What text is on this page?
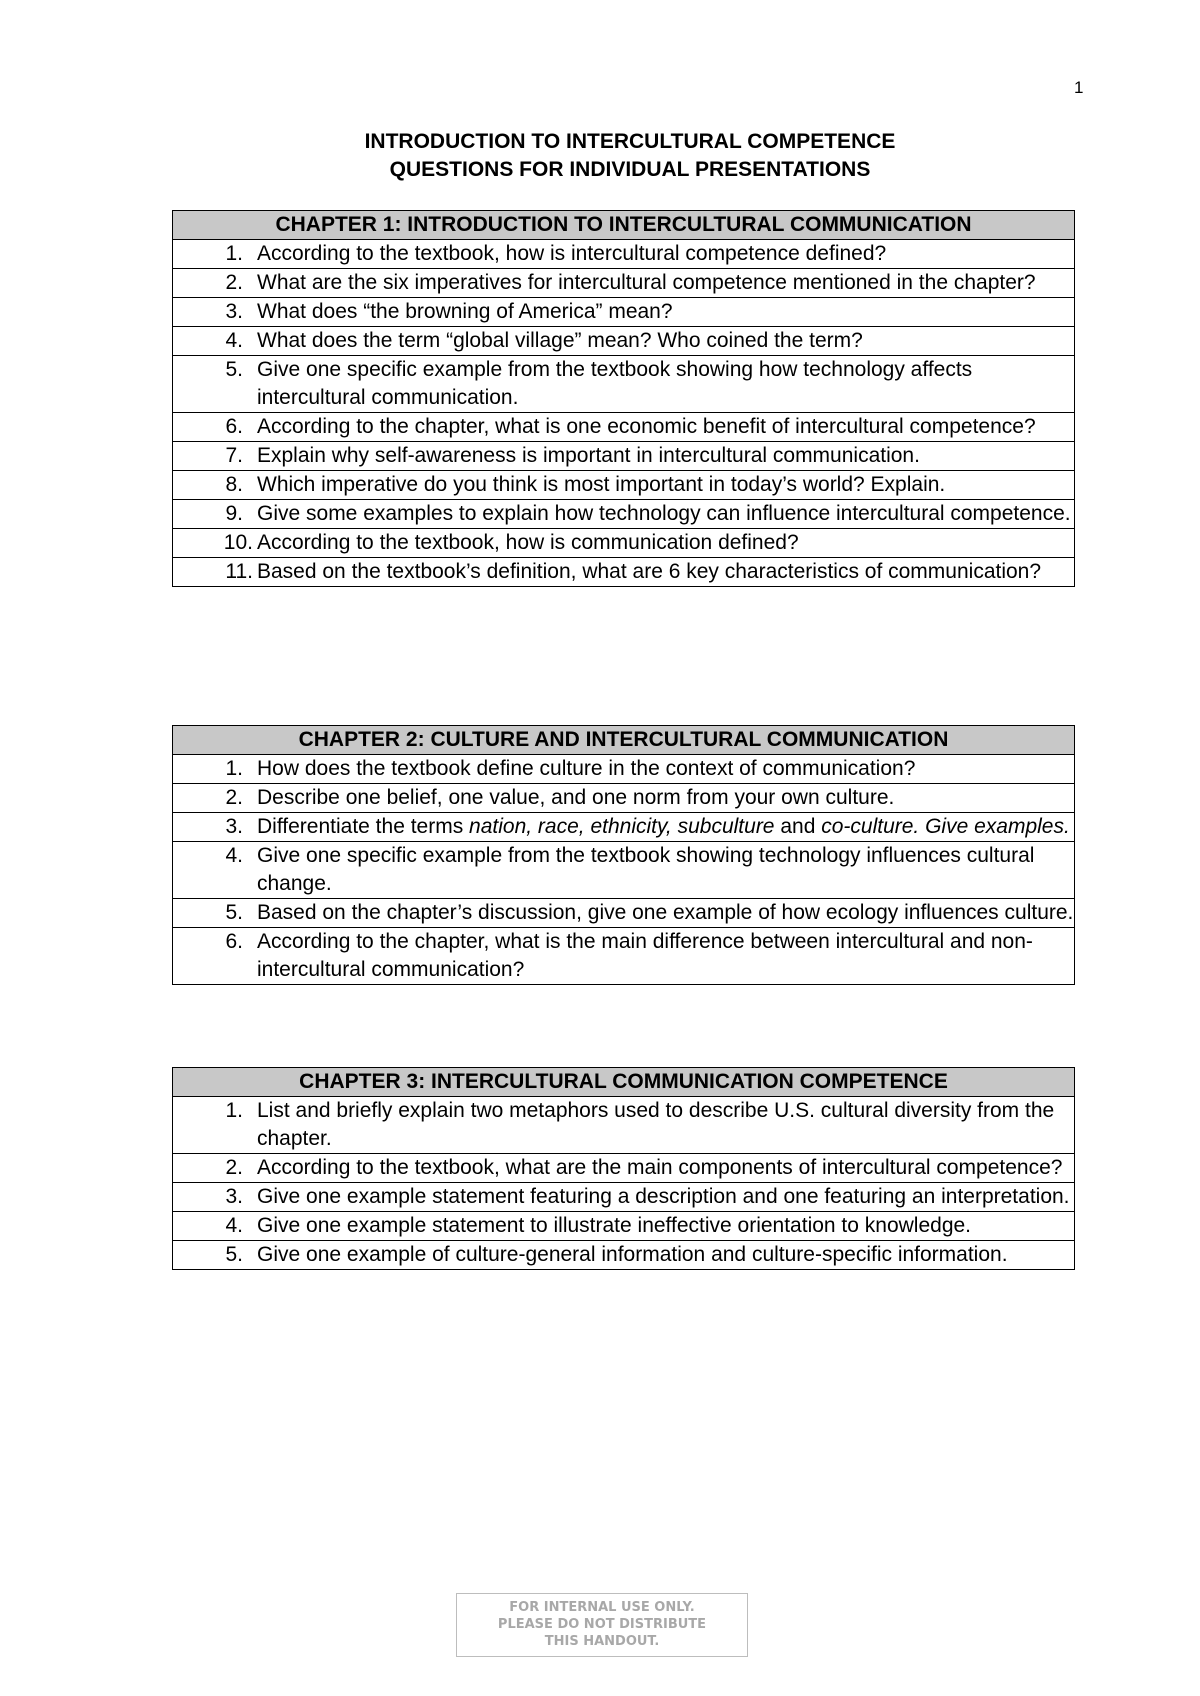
1
INTRODUCTION TO INTERCULTURAL COMPETENCE
QUESTIONS FOR INDIVIDUAL PRESENTATIONS
CHAPTER 1: INTRODUCTION TO INTERCULTURAL COMMUNICATION

1. According to the textbook, how is intercultural competence defined?

2. What are the six imperatives for intercultural competence mentioned in the chapter?

3. What does “the browning of America” mean?

4. What does the term “global village” mean? Who coined the term?

5. Give one specific example from the textbook showing how technology affects intercultural communication.

6. According to the chapter, what is one economic benefit of intercultural competence?

7. Explain why self-awareness is important in intercultural communication.

8. Which imperative do you think is most important in today’s world? Explain.

9. Give some examples to explain how technology can influence intercultural competence.

10. According to the textbook, how is communication defined?

11. Based on the textbook’s definition, what are 6 key characteristics of communication?
CHAPTER 2: CULTURE AND INTERCULTURAL COMMUNICATION

1. How does the textbook define culture in the context of communication?

2. Describe one belief, one value, and one norm from your own culture.

3. Differentiate the terms nation, race, ethnicity, subculture and co-culture. Give examples.

4. Give one specific example from the textbook showing technology influences cultural change.

5. Based on the chapter’s discussion, give one example of how ecology influences culture.

6. According to the chapter, what is the main difference between intercultural and non-intercultural communication?
CHAPTER 3: INTERCULTURAL COMMUNICATION COMPETENCE

1. List and briefly explain two metaphors used to describe U.S. cultural diversity from the chapter.

2. According to the textbook, what are the main components of intercultural competence?

3. Give one example statement featuring a description and one featuring an interpretation.

4. Give one example statement to illustrate ineffective orientation to knowledge.

5. Give one example of culture-general information and culture-specific information.
FOR INTERNAL USE ONLY.
PLEASE DO NOT DISTRIBUTE
THIS HANDOUT.
